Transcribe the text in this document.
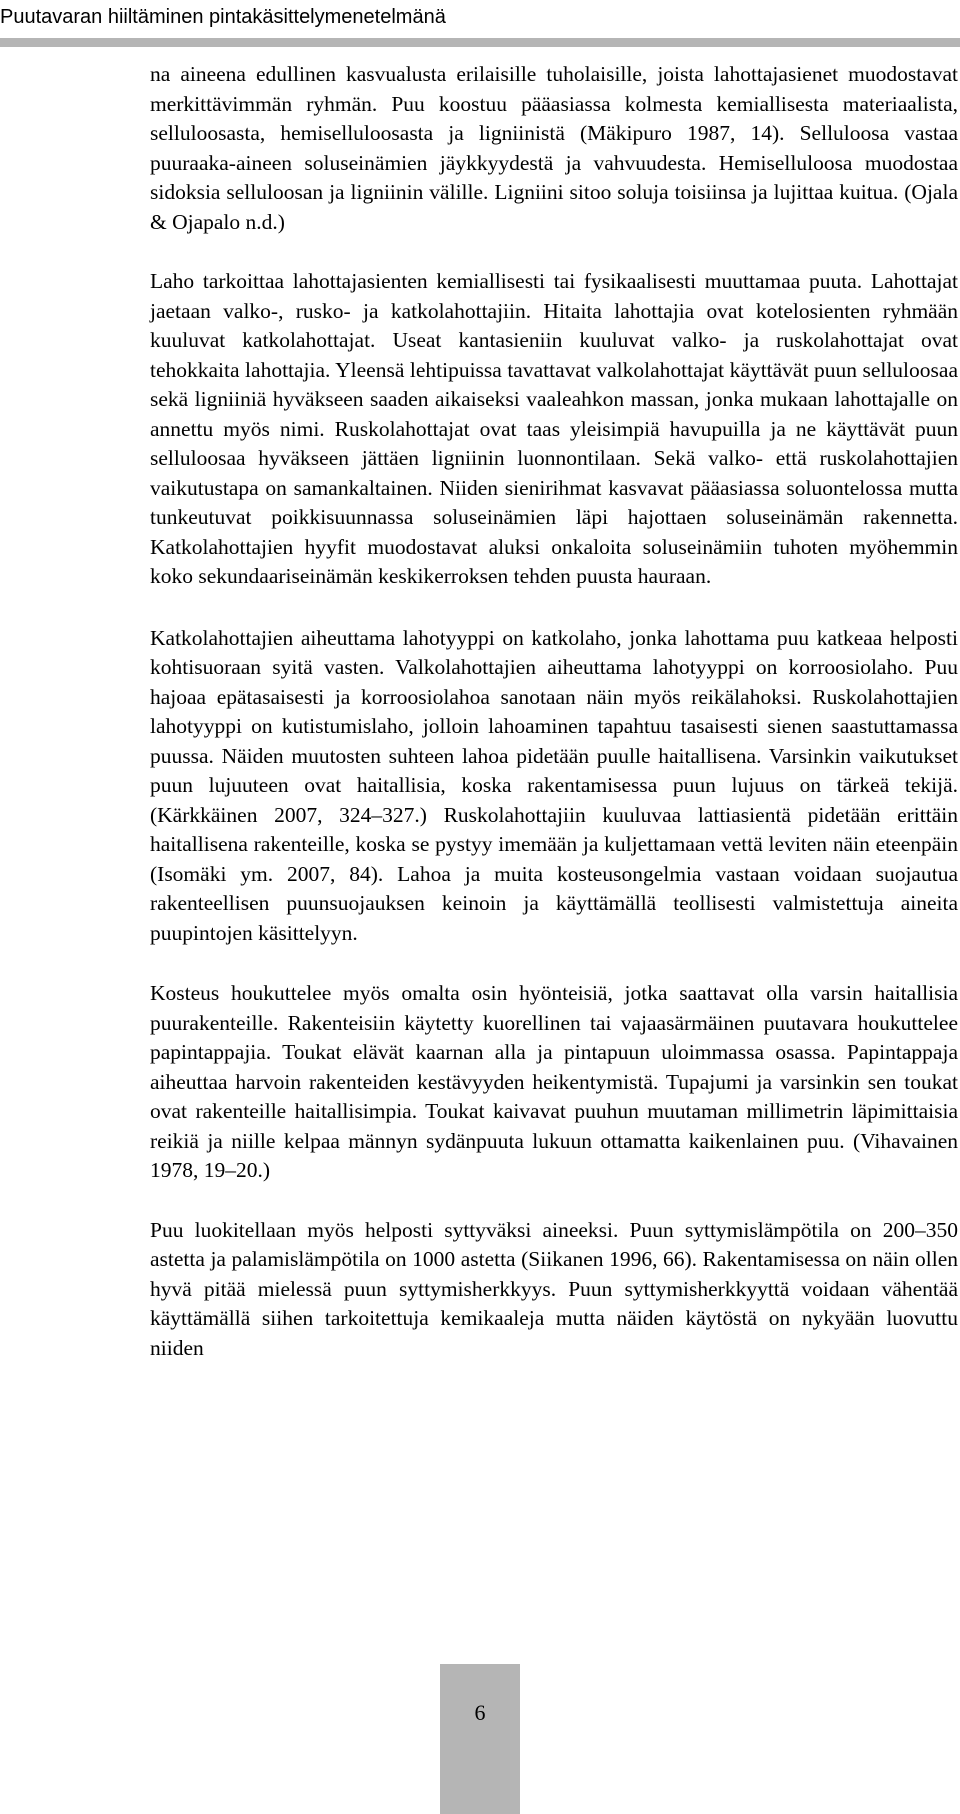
Puutavaran hiiltäminen pintakäsittelymenetelmänä

na aineena edullinen kasvualusta erilaisille tuholaisille, joista lahottajasienet muodostavat merkittävimmän ryhmän. Puu koostuu pääasiassa kolmesta kemiallisesta materiaalista, selluloosasta, hemiselluloosasta ja ligniinistä (Mäkipuro 1987, 14). Selluloosa vastaa puuraaka-aineen soluseinämien jäykkyydestä ja vahvuudesta. Hemiselluloosa muodostaa sidoksia selluloosan ja ligniinin välille. Ligniini sitoo soluja toisiinsa ja lujittaa kuitua. (Ojala & Ojapalo n.d.)

Laho tarkoittaa lahottajasienten kemiallisesti tai fysikaalisesti muuttamaa puuta. Lahottajat jaetaan valko-, rusko- ja katkolahottajiin. Hitaita lahottajia ovat kotelosienten ryhmään kuuluvat katkolahottajat. Useat kantasieniin kuuluvat valko- ja ruskolahottajat ovat tehokkaita lahottajia. Yleensä lehtipuissa tavattavat valkolahottajat käyttävät puun selluloosaa sekä ligniiniä hyväkseen saaden aikaiseksi vaaleahkon massan, jonka mukaan lahottajalle on annettu myös nimi. Ruskolahottajat ovat taas yleisimpiä havupuilla ja ne käyttävät puun selluloosaa hyväkseen jättäen ligniinin luonnontilaan. Sekä valko- että ruskolahottajien vaikutustapa on samankaltainen. Niiden sienirihmat kasvavat pääasiassa soluontelossa mutta tunkeutuvat poikkisuunnassa soluseinämien läpi hajottaen soluseinämän rakennetta. Katkolahottajien hyyfit muodostavat aluksi onkaloita soluseinämiin tuhoten myöhemmin koko sekundaariseinämän keskikerroksen tehden puusta hauraan.

Katkolahottajien aiheuttama lahotyyppi on katkolaho, jonka lahottama puu katkeaa helposti kohtisuoraan syitä vasten. Valkolahottajien aiheuttama lahotyyppi on korroosiolaho. Puu hajoaa epätasaisesti ja korroosiolahoa sanotaan näin myös reikälahoksi. Ruskolahottajien lahotyyppi on kutistumislaho, jolloin lahoaminen tapahtuu tasaisesti sienen saastuttamassa puussa. Näiden muutosten suhteen lahoa pidetään puulle haitallisena. Varsinkin vaikutukset puun lujuuteen ovat haitallisia, koska rakentamisessa puun lujuus on tärkeä tekijä. (Kärkkäinen 2007, 324–327.) Ruskolahottajiin kuuluvaa lattiasientä pidetään erittäin haitallisena rakenteille, koska se pystyy imemään ja kuljettamaan vettä leviten näin eteenpäin (Isomäki ym. 2007, 84). Lahoa ja muita kosteusongelmia vastaan voidaan suojautua rakenteellisen puunsuojauksen keinoin ja käyttämällä teollisesti valmistettuja aineita puupintojen käsittelyyn.

Kosteus houkuttelee myös omalta osin hyönteisiä, jotka saattavat olla varsin haitallisia puurakenteille. Rakenteisiin käytetty kuorellinen tai vajaasärmäinen puutavara houkuttelee papintappajia. Toukat elävät kaarnan alla ja pintapuun uloimmassa osassa. Papintappaja aiheuttaa harvoin rakenteiden kestävyyden heikentymistä. Tupajumi ja varsinkin sen toukat ovat rakenteille haitallisimpia. Toukat kaivavat puuhun muutaman millimetrin läpimittaisia reikiä ja niille kelpaa männyn sydänpuuta lukuun ottamatta kaikenlainen puu. (Vihavainen 1978, 19–20.)

Puu luokitellaan myös helposti syttyväksi aineeksi. Puun syttymislämpötila on 200–350 astetta ja palamislämpötila on 1000 astetta (Siikanen 1996, 66). Rakentamisessa on näin ollen hyvä pitää mielessä puun syttymisherkkyys. Puun syttymisherkkyyttä voidaan vähentää käyttämällä siihen tarkoitettuja kemikaaleja mutta näiden käytöstä on nykyään luovuttu niiden

6
